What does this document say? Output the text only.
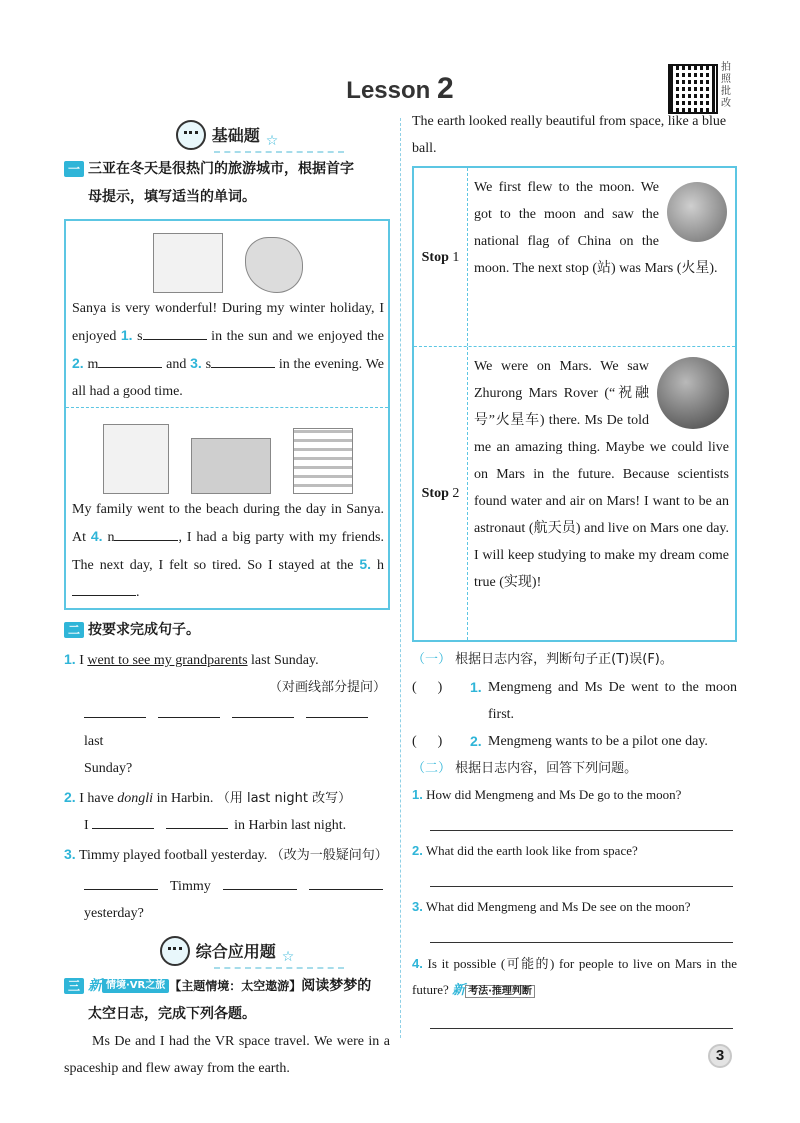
Lesson 2
拍照批改
基础题 ☆
一 三亚在冬天是很热门的旅游城市，根据首字
母提示，填写适当的单词。
Sanya is very wonderful! During my winter holiday, I enjoyed 1. s	in the sun and we enjoyed the 2. m	and 3. s	in the evening. We all had a good time.
My family went to the beach during the day in Sanya. At 4. n	, I had a big party with my friends. The next day, I felt so tired. So I stayed at the 5. h.
二 按要求完成句子。
1. I went to see my grandparents last Sunday.
（对画线部分提问）
last
Sunday?
2. I have dongli in Harbin. （用 last night 改写）
I	in Harbin last night.
3. Timmy played football yesterday. （改为一般疑问句）
Timmy
yesterday?
综合应用题 ☆
三 新 情境·VR之旅 【主题情境：太空遨游】阅读梦梦的
太空日志，完成下列各题。
Ms De and I had the VR space travel. We were in a spaceship and flew away from the earth.
The earth looked really beautiful from space, like a blue ball.
Stop
1
We first flew to the moon. We got to the moon and saw the national flag of China on the moon. The next stop (站) was Mars (火星).
Stop
2
We were on Mars. We saw Zhurong Mars Rover (“祝融号”火星车) there. Ms De told me an amazing thing. Maybe we could live on Mars in the future. Because scientists found water and air on Mars! I want to be an astronaut (航天员) and live on Mars one day. I will keep studying to make my dream come true (实现)!
（一） 根据日志内容，判断句子正(T)误(F)。
(      )	1. Mengmeng and Ms De went to the moon first.
(      )	2. Mengmeng wants to be a pilot one day.
（二） 根据日志内容，回答下列问题。
1. How did Mengmeng and Ms De go to the moon?
2. What did the earth look like from space?
3. What did Mengmeng and Ms De see on the moon?
4. Is it possible (可能的) for people to live on Mars in the future? 新 考法·推理判断
3
